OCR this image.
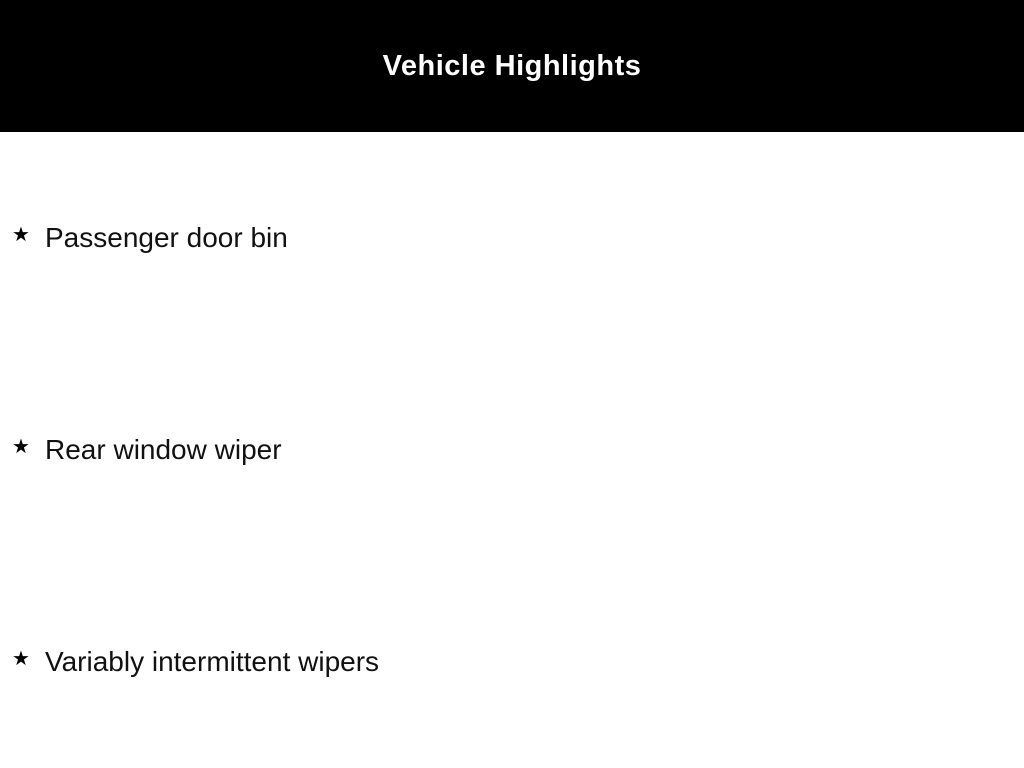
Vehicle Highlights
★ Passenger door bin
★ Rear window wiper
★ Variably intermittent wipers
